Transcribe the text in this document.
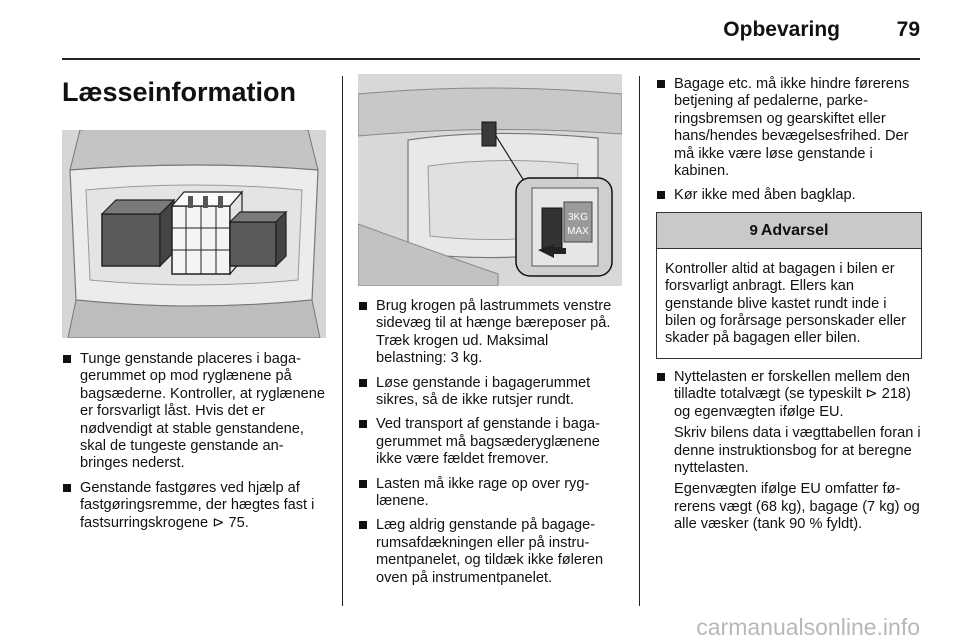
Opbevaring	79
Læsseinformation
Tunge genstande placeres i bagagerummet op mod ryglænene på bagsæderne. Kontroller, at ryglænene er forsvarligt låst. Hvis det er nødvendigt at stable genstandene, skal de tungeste genstande anbringes nederst.
Genstande fastgøres ved hjælp af fastgøringsremme, der hægtes fast i fastsurringskrogene ⊳ 75.
3KG
MAX
Brug krogen på lastrummets venstre sidevæg til at hænge bæreposer på. Træk krogen ud. Maksimal belastning: 3 kg.
Løse genstande i bagagerummet sikres, så de ikke rutsjer rundt.
Ved transport af genstande i bagagerummet må bagsæderyglænene ikke være fældet fremover.
Lasten må ikke rage op over ryglænene.
Læg aldrig genstande på bagagerumsafdækningen eller på instrumentpanelet, og tildæk ikke føleren oven på instrumentpanelet.
Bagage etc. må ikke hindre førerens betjening af pedalerne, parkeringsbremsen og gearskiftet eller hans/hendes bevægelsesfrihed. Der må ikke være løse genstande i kabinen.
Kør ikke med åben bagklap.
9 Advarsel
Kontroller altid at bagagen i bilen er forsvarligt anbragt. Ellers kan genstande blive kastet rundt inde i bilen og forårsage personskader eller skader på bagagen eller bilen.
Nyttelasten er forskellen mellem den tilladte totalvægt (se typeskilt ⊳ 218) og egenvægten ifølge EU.
Skriv bilens data i vægttabellen foran i denne instruktionsbog for at beregne nyttelasten.
Egenvægten ifølge EU omfatter førerens vægt (68 kg), bagage (7 kg) og alle væsker (tank 90 % fyldt).
carmanualsonline.info
